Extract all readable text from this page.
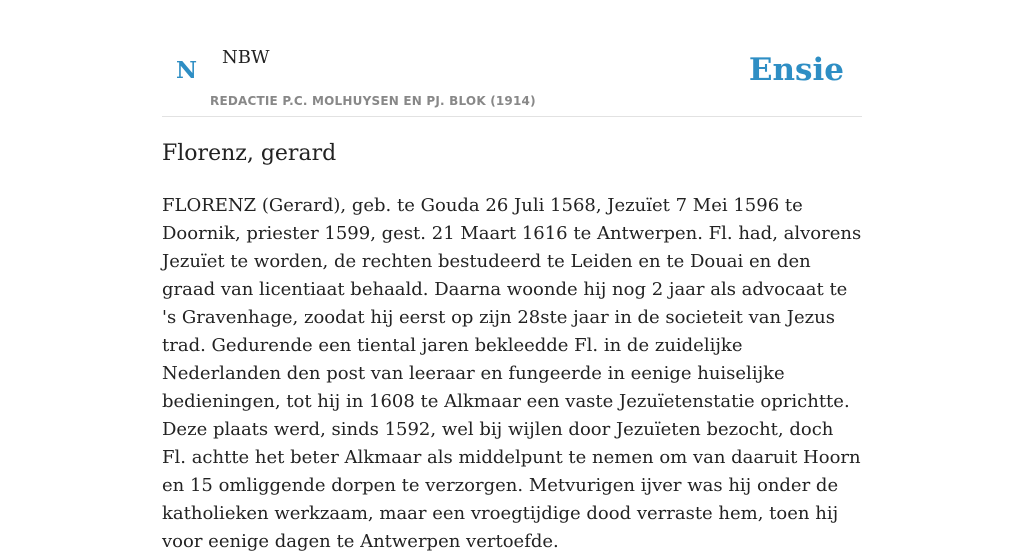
N NBW	Ensie
REDACTIE P.C. MOLHUYSEN EN PJ. BLOK (1914)
Florenz, gerard

FLORENZ (Gerard), geb. te Gouda 26 Juli 1568, Jezuïet 7 Mei 1596 te Doornik, priester 1599, gest. 21 Maart 1616 te Antwerpen. Fl. had, alvorens Jezuïet te worden, de rechten bestudeerd te Leiden en te Douai en den graad van licentiaat behaald. Daarna woonde hij nog 2 jaar als advocaat te 's Gravenhage, zoodat hij eerst op zijn 28ste jaar in de societeit van Jezus trad. Gedurende een tiental jaren bekleedde Fl. in de zuidelijke Nederlanden den post van leeraar en fungeerde in eenige huiselijke bedieningen, tot hij in 1608 te Alkmaar een vaste Jezuïetenstatie oprichtte. Deze plaats werd, sinds 1592, wel bij wijlen door Jezuïeten bezocht, doch Fl. achtte het beter Alkmaar als middelpunt te nemen om van daaruit Hoorn en 15 omliggende dorpen te verzorgen. Metvurigen ijver was hij onder de katholieken werkzaam, maar een vroegtijdige dood verraste hem, toen hij voor eenige dagen te Antwerpen vertoefde.
